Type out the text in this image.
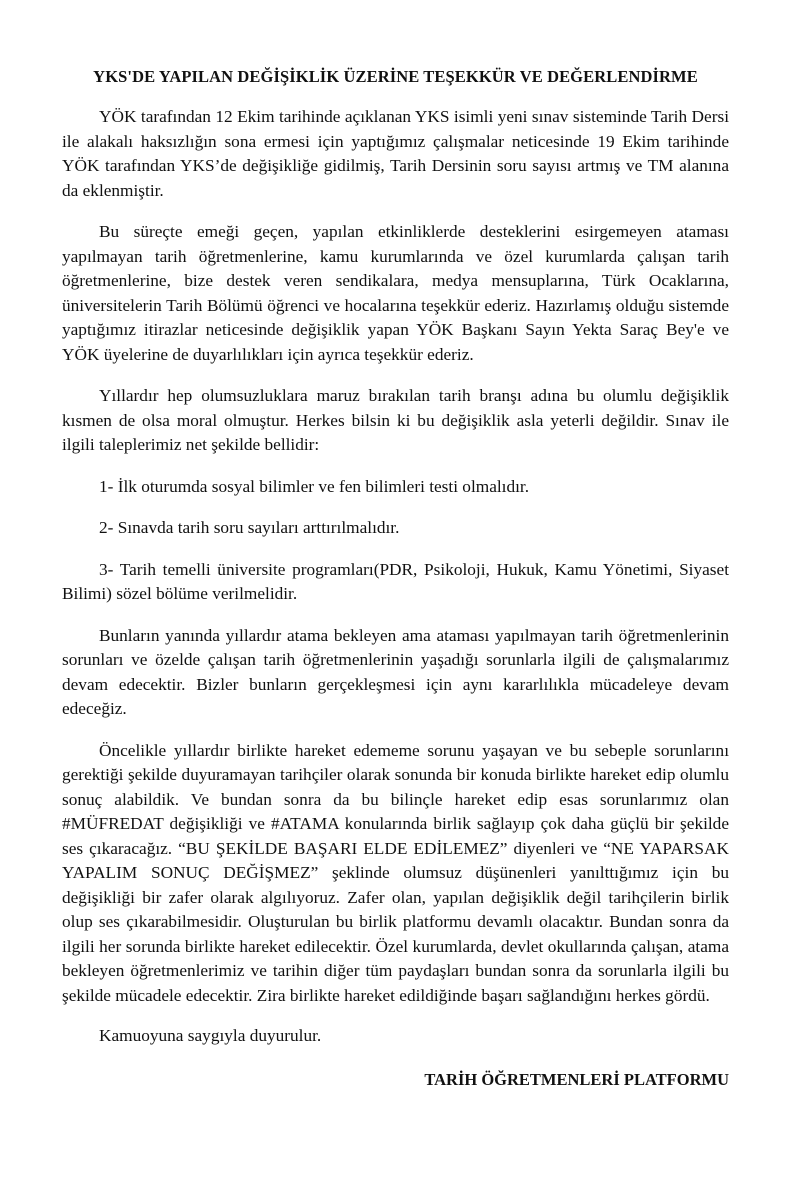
YKS'DE YAPILAN DEĞİŞİKLİK ÜZERİNE TEŞEKKÜR VE DEĞERLENDİRME

YÖK tarafından 12 Ekim tarihinde açıklanan YKS isimli yeni sınav sisteminde Tarih Dersi ile alakalı haksızlığın sona ermesi için yaptığımız çalışmalar neticesinde 19 Ekim tarihinde YÖK tarafından YKS’de değişikliğe gidilmiş, Tarih Dersinin soru sayısı artmış ve TM alanına da eklenmiştir.

Bu süreçte emeği geçen, yapılan etkinliklerde desteklerini esirgemeyen ataması yapılmayan tarih öğretmenlerine, kamu kurumlarında ve özel kurumlarda çalışan tarih öğretmenlerine, bize destek veren sendikalara, medya mensuplarına, Türk Ocaklarına, üniversitelerin Tarih Bölümü öğrenci ve hocalarına teşekkür ederiz. Hazırlamış olduğu sistemde yaptığımız itirazlar neticesinde değişiklik yapan YÖK Başkanı Sayın Yekta Saraç Bey'e ve YÖK üyelerine de duyarlılıkları için ayrıca teşekkür ederiz.

Yıllardır hep olumsuzluklara maruz bırakılan tarih branşı adına bu olumlu değişiklik kısmen de olsa moral olmuştur. Herkes bilsin ki bu değişiklik asla yeterli değildir. Sınav ile ilgili taleplerimiz net şekilde bellidir:

1- İlk oturumda sosyal bilimler ve fen bilimleri testi olmalıdır.

2- Sınavda tarih soru sayıları arttırılmalıdır.

3- Tarih temelli üniversite programları(PDR, Psikoloji, Hukuk, Kamu Yönetimi, Siyaset Bilimi) sözel bölüme verilmelidir.

Bunların yanında yıllardır atama bekleyen ama ataması yapılmayan tarih öğretmenlerinin sorunları ve özelde çalışan tarih öğretmenlerinin yaşadığı sorunlarla ilgili de çalışmalarımız devam edecektir. Bizler bunların gerçekleşmesi için aynı kararlılıkla mücadeleye devam edeceğiz.

Öncelikle yıllardır birlikte hareket edememe sorunu yaşayan ve bu sebeple sorunlarını gerektiği şekilde duyuramayan tarihçiler olarak sonunda bir konuda birlikte hareket edip olumlu sonuç alabildik. Ve bundan sonra da bu bilinçle hareket edip esas sorunlarımız olan #MÜFREDAT değişikliği ve #ATAMA konularında birlik sağlayıp çok daha güçlü bir şekilde ses çıkaracağız. “BU ŞEKİLDE BAŞARI ELDE EDİLEMEZ” diyenleri ve “NE YAPARSAK YAPALIM SONUÇ DEĞİŞMEZ” şeklinde olumsuz düşünenleri yanılttığımız için bu değişikliği bir zafer olarak algılıyoruz. Zafer olan, yapılan değişiklik değil tarihçilerin birlik olup ses çıkarabilmesidir. Oluşturulan bu birlik platformu devamlı olacaktır. Bundan sonra da ilgili her sorunda birlikte hareket edilecektir. Özel kurumlarda, devlet okullarında çalışan, atama bekleyen öğretmenlerimiz ve tarihin diğer tüm paydaşları bundan sonra da sorunlarla ilgili bu şekilde mücadele edecektir. Zira birlikte hareket edildiğinde başarı sağlandığını herkes gördü.

Kamuoyuna saygıyla duyurulur.

TARİH ÖĞRETMENLERİ PLATFORMU
